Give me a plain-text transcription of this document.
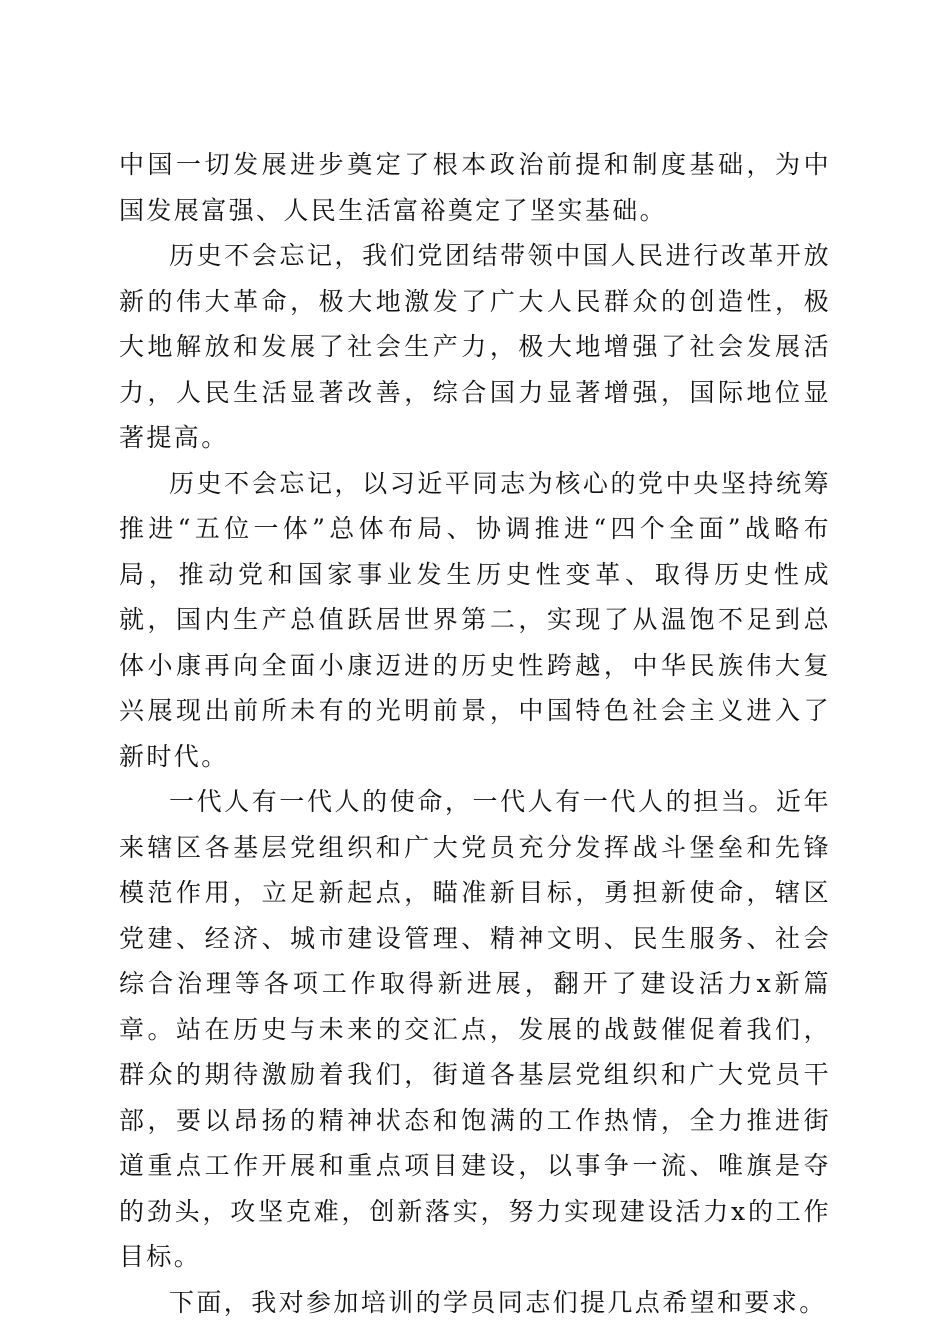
中国一切发展进步奠定了根本政治前提和制度基础，为中国发展富强、人民生活富裕奠定了坚实基础。

历史不会忘记，我们党团结带领中国人民进行改革开放新的伟大革命，极大地激发了广大人民群众的创造性，极大地解放和发展了社会生产力，极大地增强了社会发展活力，人民生活显著改善，综合国力显著增强，国际地位显著提高。

历史不会忘记，以习近平同志为核心的党中央坚持统筹推进“五位一体”总体布局、协调推进“四个全面”战略布局，推动党和国家事业发生历史性变革、取得历史性成就，国内生产总值跃居世界第二，实现了从温饱不足到总体小康再向全面小康迈进的历史性跨越，中华民族伟大复兴展现出前所未有的光明前景，中国特色社会主义进入了新时代。

一代人有一代人的使命，一代人有一代人的担当。近年来辖区各基层党组织和广大党员充分发挥战斗堡垒和先锋模范作用，立足新起点，瞄准新目标，勇担新使命，辖区党建、经济、城市建设管理、精神文明、民生服务、社会综合治理等各项工作取得新进展，翻开了建设活力x新篇章。站在历史与未来的交汇点，发展的战鼓催促着我们，群众的期待激励着我们，街道各基层党组织和广大党员干部，要以昂扬的精神状态和饱满的工作热情，全力推进街道重点工作开展和重点项目建设，以事争一流、唯旗是夺的劲头，攻坚克难，创新落实，努力实现建设活力x的工作目标。

下面，我对参加培训的学员同志们提几点希望和要求。
